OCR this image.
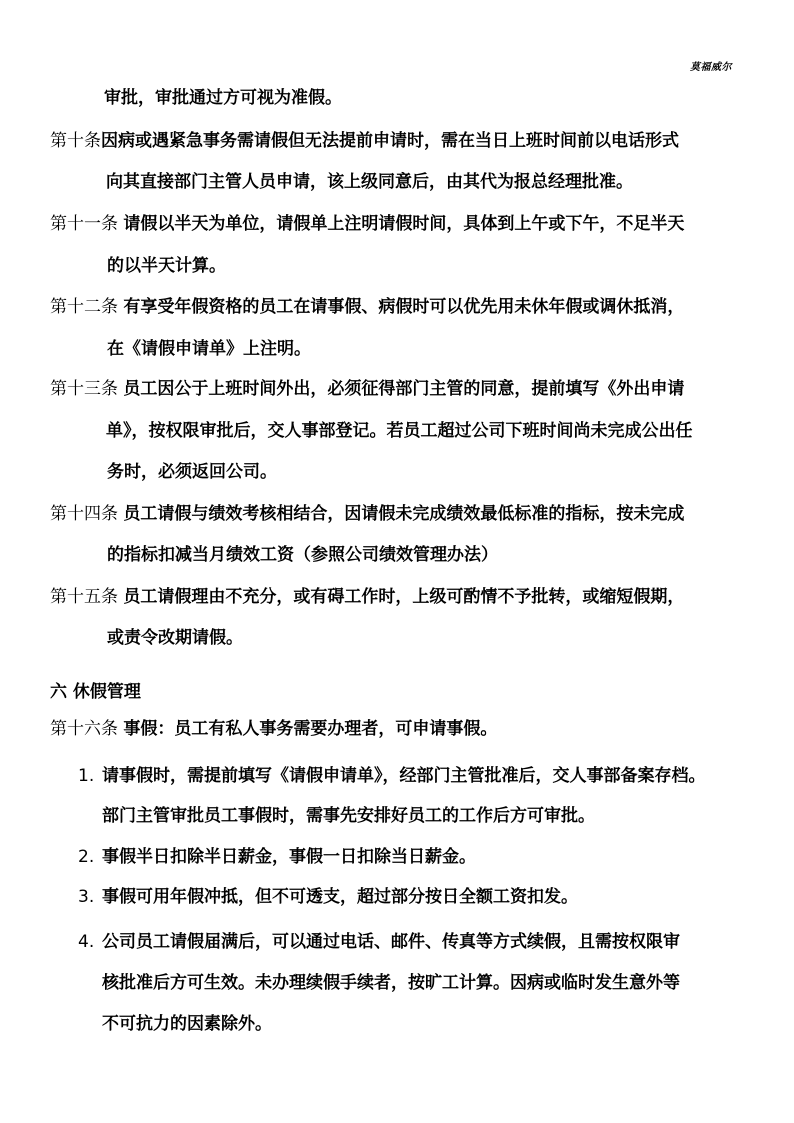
莫福威尔
审批，审批通过方可视为准假。
第十条因病或遇紧急事务需请假但无法提前申请时，需在当日上班时间前以电话形式
向其直接部门主管人员申请，该上级同意后，由其代为报总经理批准。
第十一条 请假以半天为单位，请假单上注明请假时间，具体到上午或下午，不足半天
的以半天计算。
第十二条 有享受年假资格的员工在请事假、病假时可以优先用未休年假或调休抵消，
在《请假申请单》上注明。
第十三条 员工因公于上班时间外出，必须征得部门主管的同意，提前填写《外出申请
单》，按权限审批后，交人事部登记。若员工超过公司下班时间尚未完成公出任
务时，必须返回公司。
第十四条 员工请假与绩效考核相结合，因请假未完成绩效最低标准的指标，按未完成
的指标扣减当月绩效工资（参照公司绩效管理办法）
第十五条 员工请假理由不充分，或有碍工作时，上级可酌情不予批转，或缩短假期，
或责令改期请假。
六 休假管理
第十六条 事假：员工有私人事务需要办理者，可申请事假。
1. 请事假时，需提前填写《请假申请单》，经部门主管批准后，交人事部备案存档。
部门主管审批员工事假时，需事先安排好员工的工作后方可审批。
2. 事假半日扣除半日薪金，事假一日扣除当日薪金。
3. 事假可用年假冲抵，但不可透支，超过部分按日全额工资扣发。
4. 公司员工请假届满后，可以通过电话、邮件、传真等方式续假，且需按权限审
核批准后方可生效。未办理续假手续者，按旷工计算。因病或临时发生意外等
不可抗力的因素除外。
